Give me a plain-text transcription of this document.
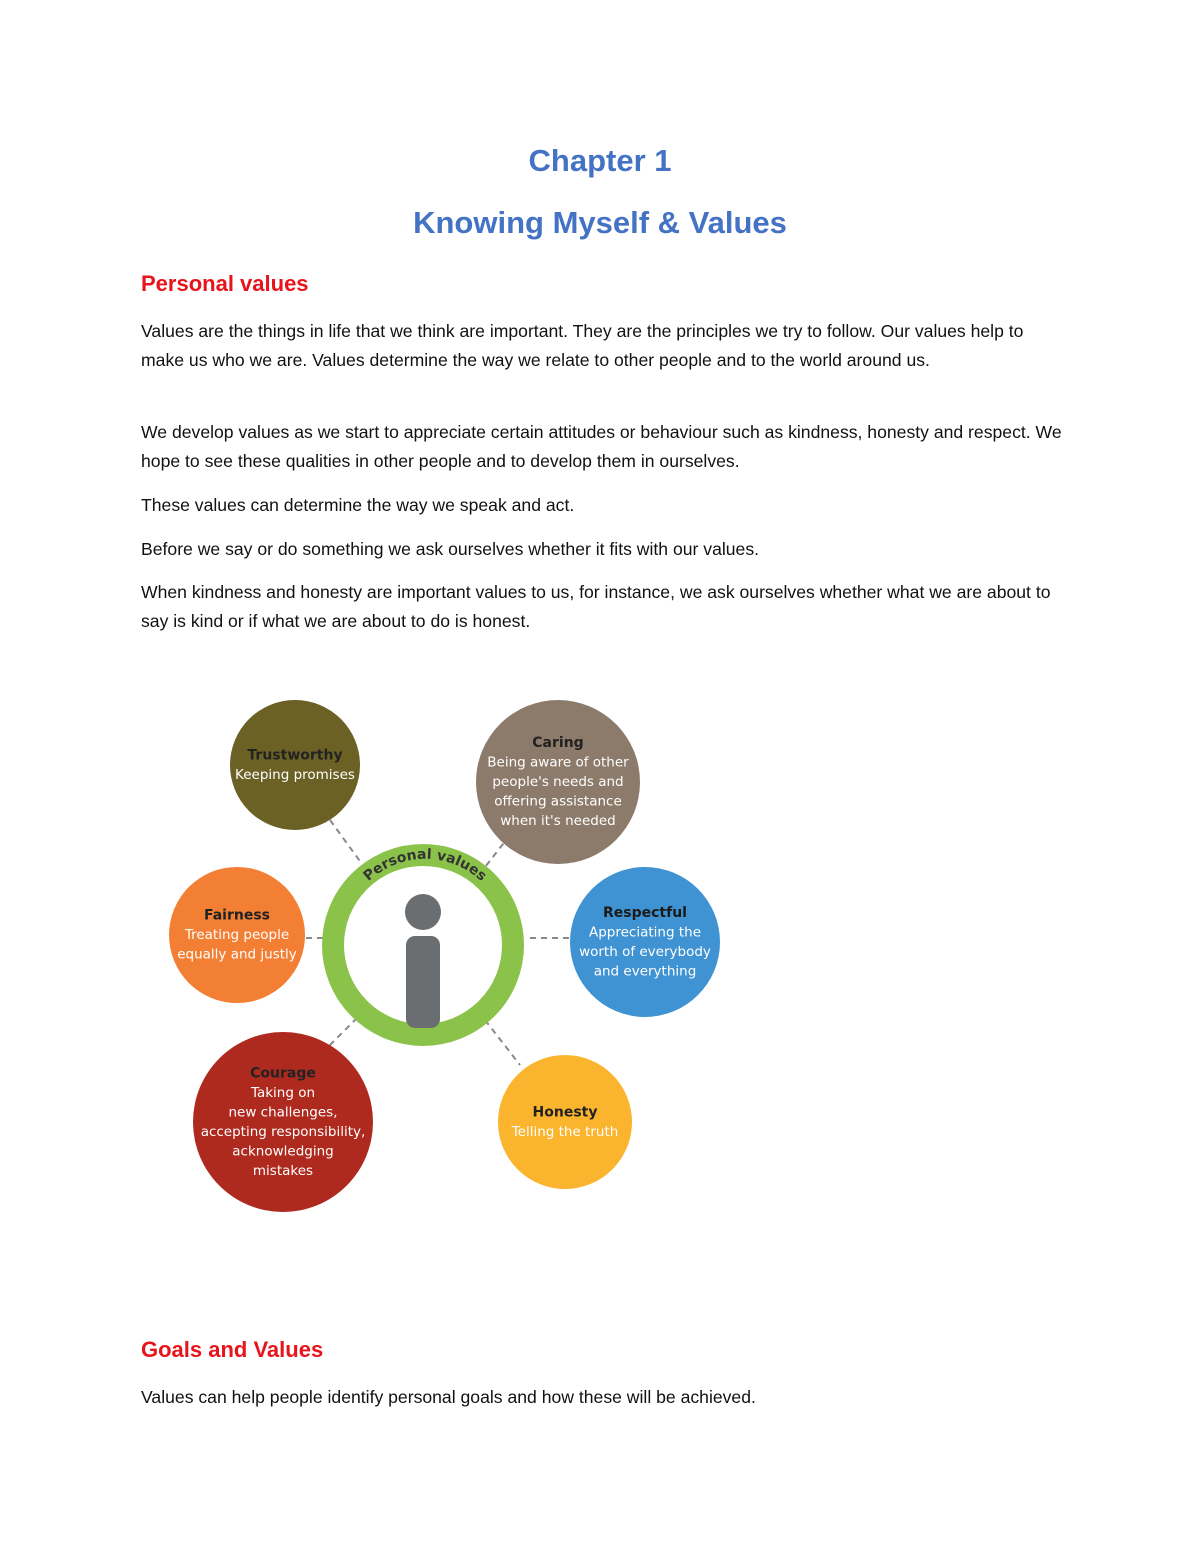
Chapter 1
Knowing Myself & Values
Personal values

Values are the things in life that we think are important. They are the principles we try to follow. Our values help to make us who we are. Values determine the way we relate to other people and to the world around us.

We develop values as we start to appreciate certain attitudes or behaviour such as kindness, honesty and respect. We hope to see these qualities in other people and to develop them in ourselves.

These values can determine the way we speak and act.

Before we say or do something we ask ourselves whether it fits with our values.

When kindness and honesty are important values to us, for instance, we ask ourselves whether what we are about to say is kind or if what we are about to do is honest.

Personal values
Trustworthy
Keeping promises
Caring
Being aware of other
people's needs and
offering assistance
when it's needed
Fairness
Treating people
equally and justly
Respectful
Appreciating the
worth of everybody
and everything
Courage
Taking on
new challenges,
accepting responsibility,
acknowledging
mistakes
Honesty
Telling the truth
Goals and Values

Values can help people identify personal goals and how these will be achieved.
